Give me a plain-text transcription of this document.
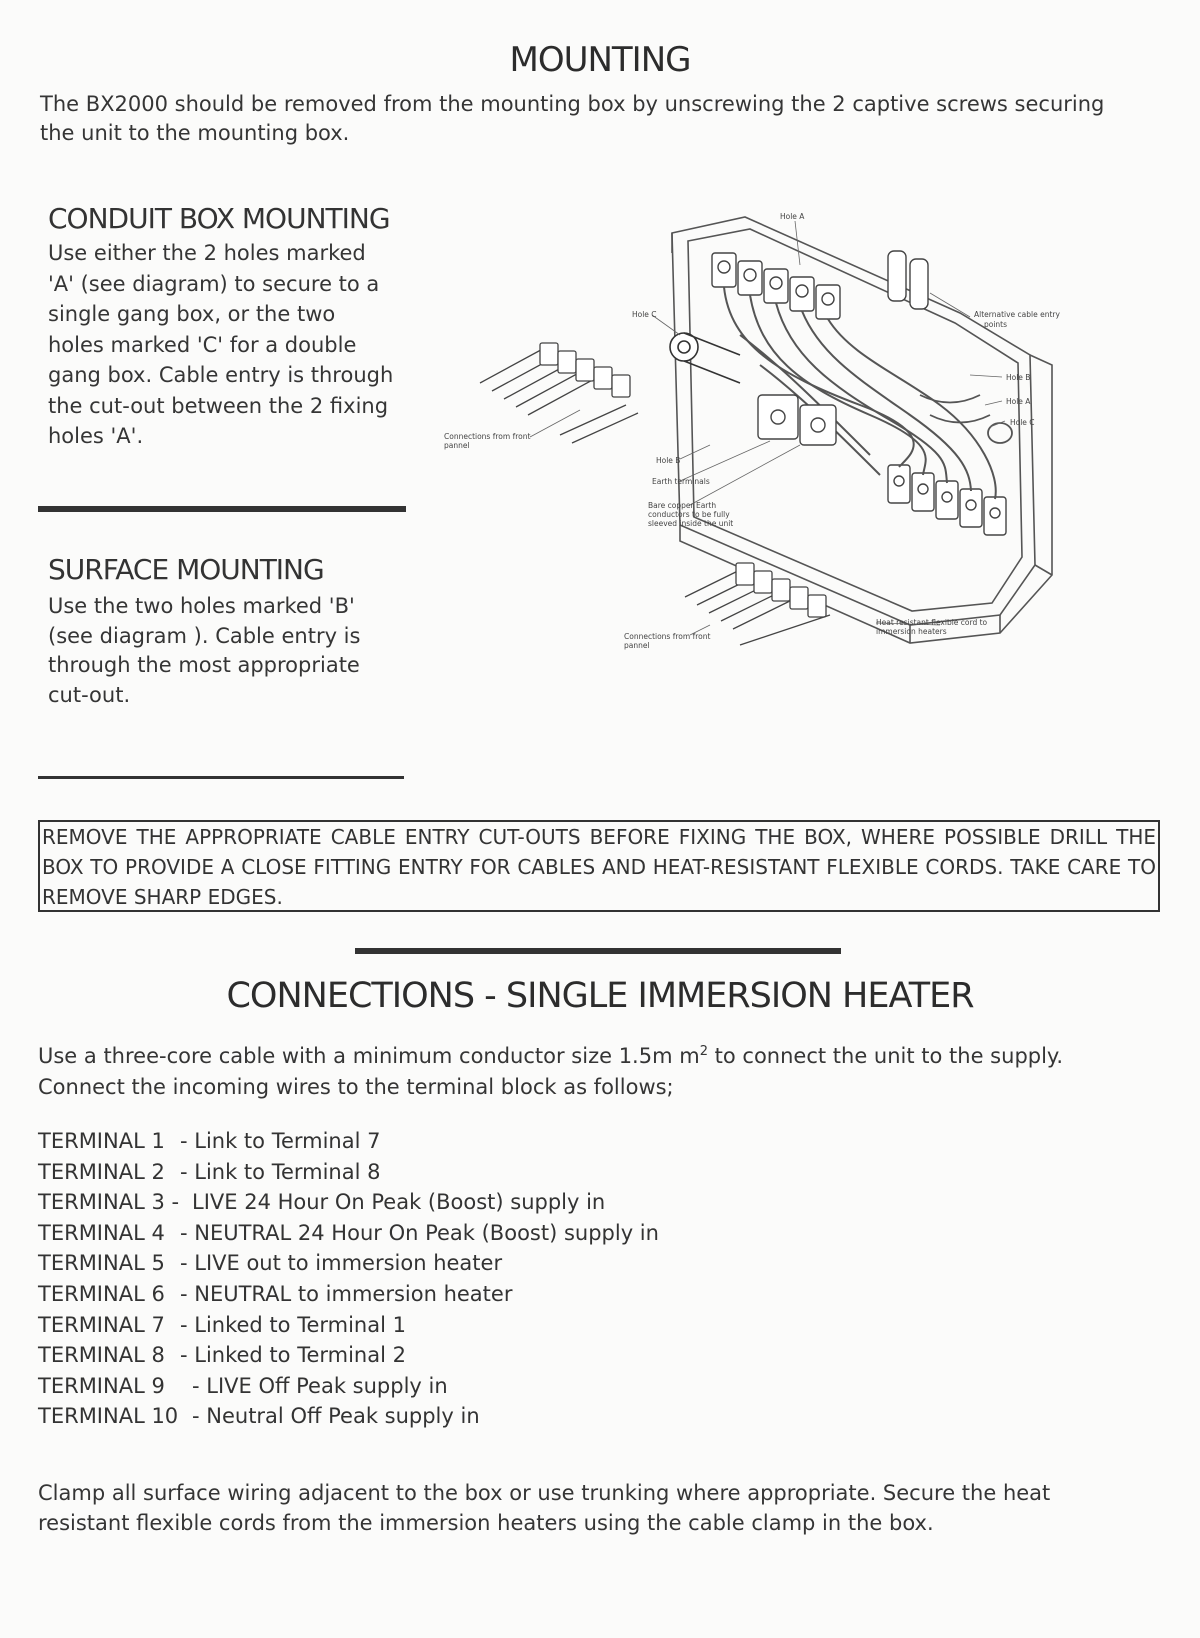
MOUNTING
The BX2000 should be removed from the mounting box by unscrewing the 2 captive screws securing
the unit to the mounting box.
CONDUIT BOX MOUNTING
Use either the 2 holes marked
'A' (see diagram) to secure to a
single gang box, or the two
holes marked 'C' for a double
gang box. Cable entry is through
the cut-out between the 2 fixing
holes 'A'.
SURFACE MOUNTING
Use the two holes marked 'B'
(see diagram ). Cable entry is
through the most appropriate
cut-out.
Hole A
Hole C	Alternative cable entry
points
Hole B
Hole A
Hole C
Connections from front
pannel
Hole B
Earth terminals
Bare copper Earth
conductors to be fully
sleeved inside the unit
Connections from front
pannel
Heat resistant flexible cord to
immersion heaters
REMOVE THE APPROPRIATE CABLE ENTRY CUT-OUTS BEFORE FIXING THE BOX, WHERE POSSIBLE DRILL THE BOX TO PROVIDE A CLOSE FITTING ENTRY FOR CABLES AND HEAT-RESISTANT FLEXIBLE CORDS. TAKE CARE TO REMOVE SHARP EDGES.
CONNECTIONS - SINGLE IMMERSION HEATER
Use a three-core cable with a minimum conductor size 1.5m $m^2$ to connect the unit to the supply.
Connect the incoming wires to the terminal block as follows;
TERMINAL 1 - Link to Terminal 7
TERMINAL 2 - Link to Terminal 8
TERMINAL 3 - LIVE 24 Hour On Peak (Boost) supply in
TERMINAL 4 - NEUTRAL 24 Hour On Peak (Boost) supply in
TERMINAL 5 - LIVE out to immersion heater
TERMINAL 6 - NEUTRAL to immersion heater
TERMINAL 7 - Linked to Terminal 1
TERMINAL 8 - Linked to Terminal 2
TERMINAL 9 - LIVE Off Peak supply in
TERMINAL 10 - Neutral Off Peak supply in
Clamp all surface wiring adjacent to the box or use trunking where appropriate. Secure the heat
resistant flexible cords from the immersion heaters using the cable clamp in the box.
